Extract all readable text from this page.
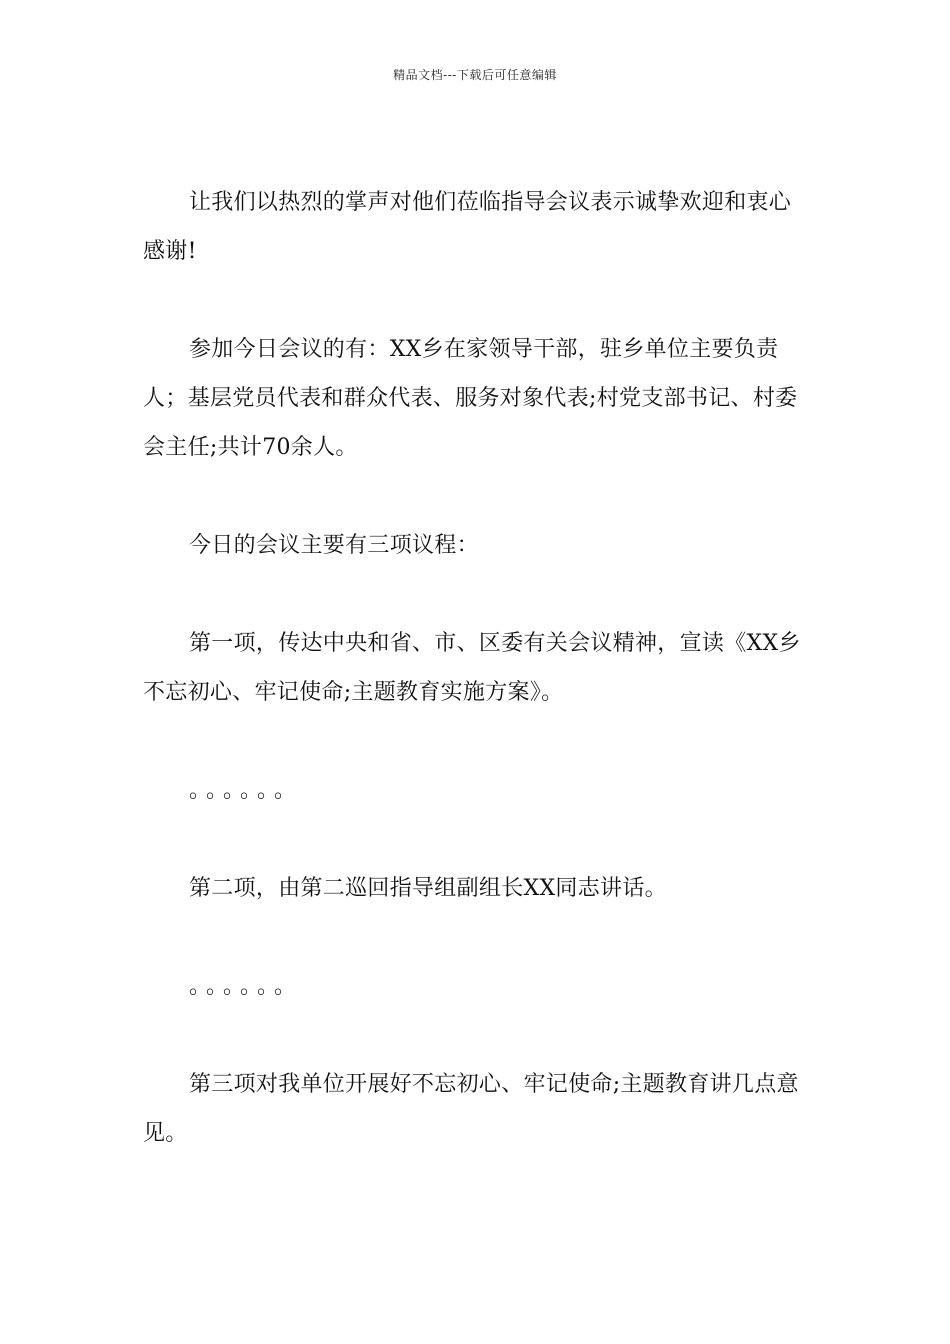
精品文档---下载后可任意编辑

让我们以热烈的掌声对他们莅临指导会议表示诚挚欢迎和衷心感谢!

参加今日会议的有：XX乡在家领导干部，驻乡单位主要负责人；基层党员代表和群众代表、服务对象代表;村党支部书记、村委会主任;共计70余人。

今日的会议主要有三项议程：

第一项，传达中央和省、市、区委有关会议精神，宣读《XX乡不忘初心、牢记使命;主题教育实施方案》。

。。。。。。

第二项，由第二巡回指导组副组长XX同志讲话。

。。。。。。

第三项对我单位开展好不忘初心、牢记使命;主题教育讲几点意见。
